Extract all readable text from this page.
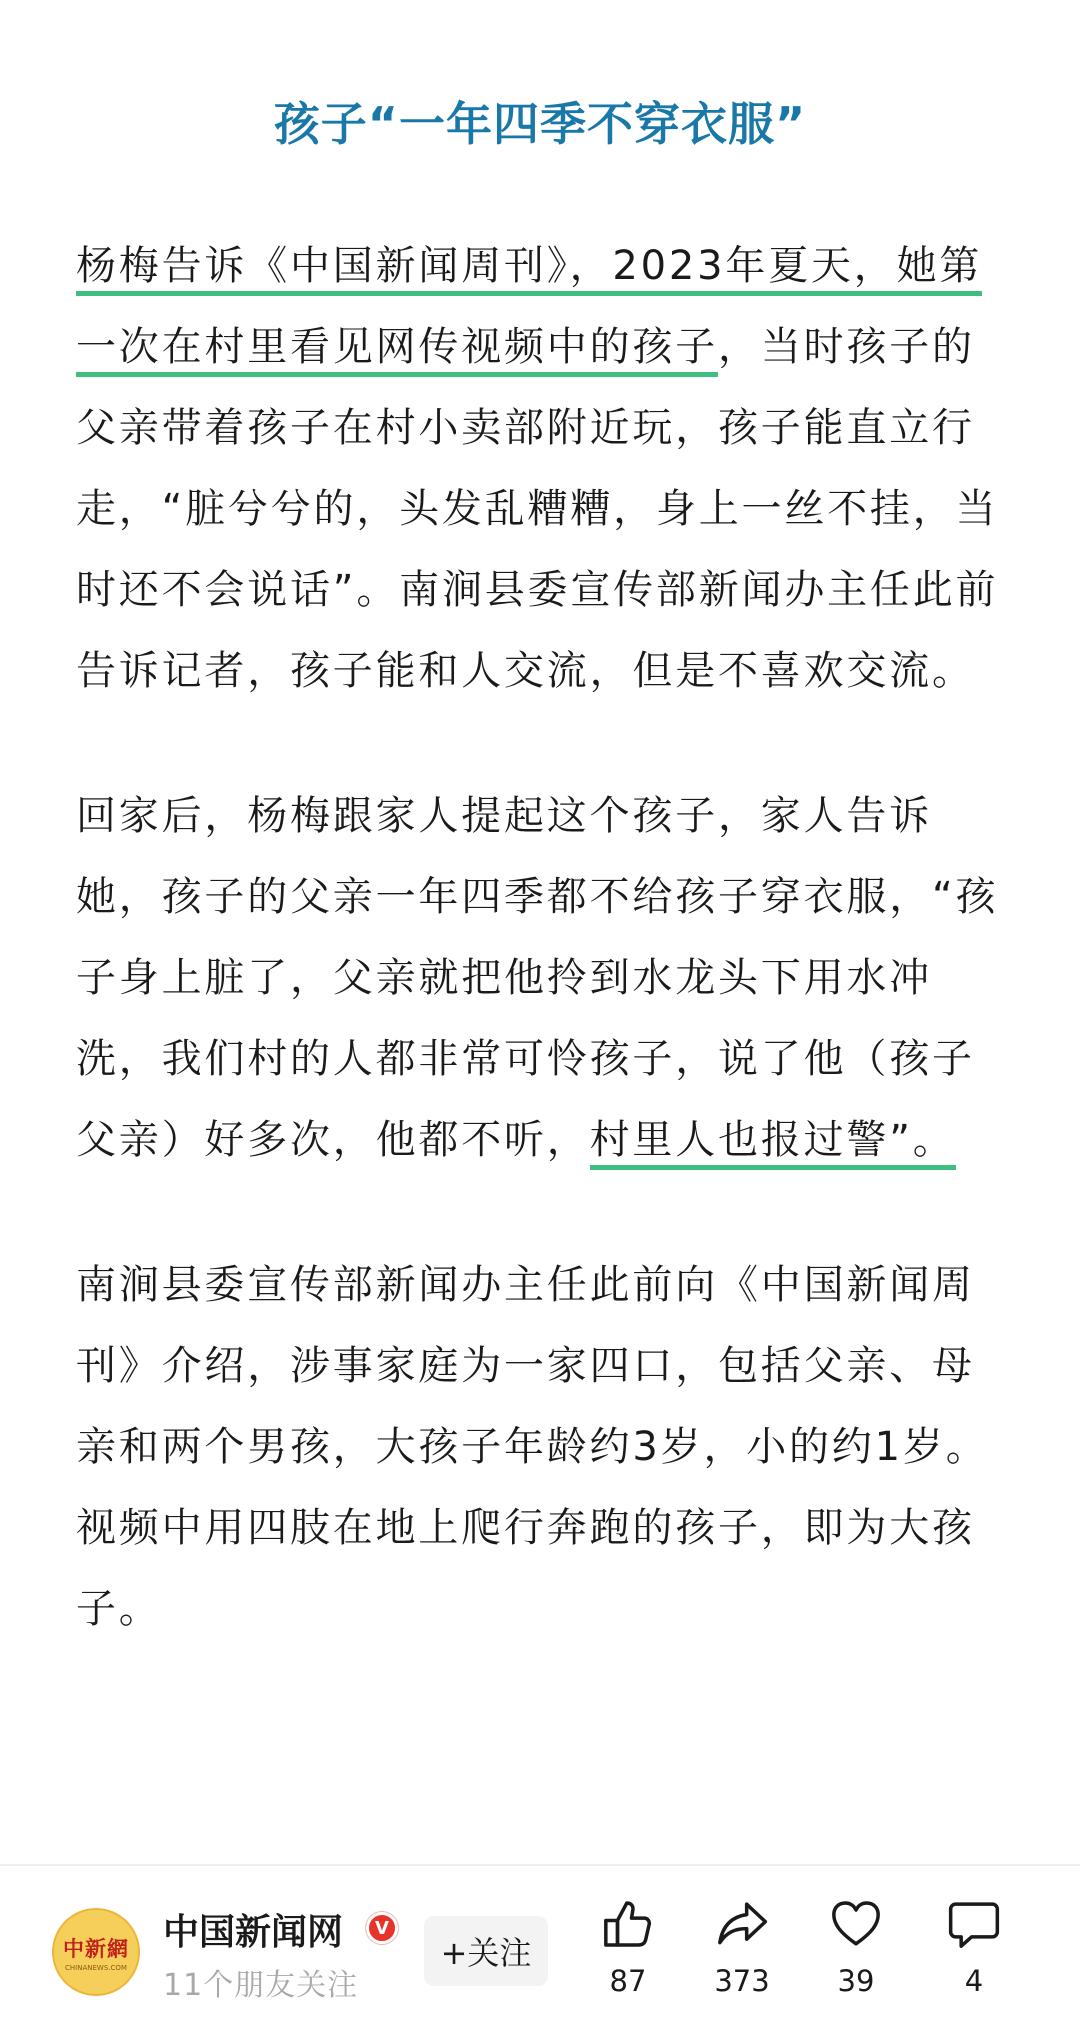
孩子“一年四季不穿衣服”

杨梅告诉《中国新闻周刊》，2023年夏天，她第一次在村里看见网传视频中的孩子，当时孩子的父亲带着孩子在村小卖部附近玩，孩子能直立行走，“脏兮兮的，头发乱糟糟，身上一丝不挂，当时还不会说话”。南涧县委宣传部新闻办主任此前告诉记者，孩子能和人交流，但是不喜欢交流。

回家后，杨梅跟家人提起这个孩子，家人告诉她，孩子的父亲一年四季都不给孩子穿衣服，“孩子身上脏了，父亲就把他拎到水龙头下用水冲洗，我们村的人都非常可怜孩子，说了他（孩子父亲）好多次，他都不听，村里人也报过警”。

南涧县委宣传部新闻办主任此前向《中国新闻周刊》介绍，涉事家庭为一家四口，包括父亲、母亲和两个男孩，大孩子年龄约3岁，小的约1岁。视频中用四肢在地上爬行奔跑的孩子，即为大孩子。

中新網
CHINANEWS.COM
中国新闻网	V
11个朋友关注
+关注
87 373 39	4
